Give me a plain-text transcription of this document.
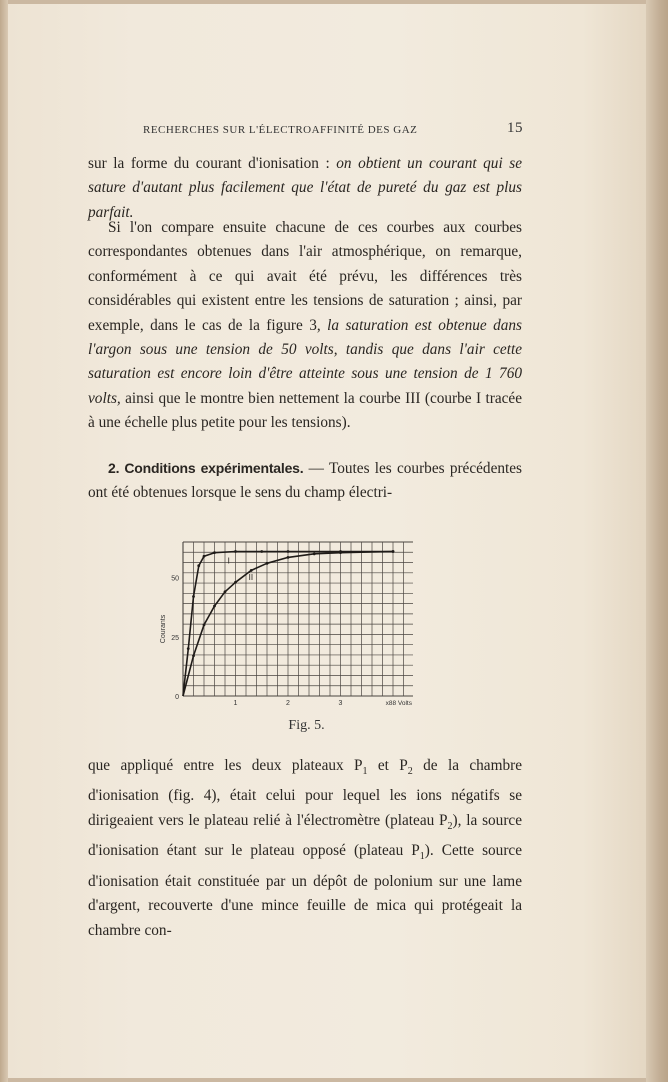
RECHERCHES SUR L'ÉLECTROAFFINITÉ DES GAZ	15

sur la forme du courant d'ionisation : on obtient un courant qui se sature d'autant plus facilement que l'état de pureté du gaz est plus parfait.

Si l'on compare ensuite chacune de ces courbes aux courbes correspondantes obtenues dans l'air atmosphérique, on remarque, conformément à ce qui avait été prévu, les différences très considérables qui existent entre les tensions de saturation ; ainsi, par exemple, dans le cas de la figure 3, la saturation est obtenue dans l'argon sous une tension de 50 volts, tandis que dans l'air cette saturation est encore loin d'être atteinte sous une tension de 1 760 volts, ainsi que le montre bien nettement la courbe III (courbe I tracée à une échelle plus petite pour les tensions).

2. Conditions expérimentales. — Toutes les courbes précédentes ont été obtenues lorsque le sens du champ électri-

0
25
50
1	2	3	x88 Volts
Courants
I
II
Fig. 5.

que appliqué entre les deux plateaux $P_1$ et $P_2$ de la chambre d'ionisation (fig. 4), était celui pour lequel les ions négatifs se dirigeaient vers le plateau relié à l'électromètre (plateau $P_2$), la source d'ionisation étant sur le plateau opposé (plateau $P_1$). Cette source d'ionisation était constituée par un dépôt de polonium sur une lame d'argent, recouverte d'une mince feuille de mica qui protégeait la chambre con-
